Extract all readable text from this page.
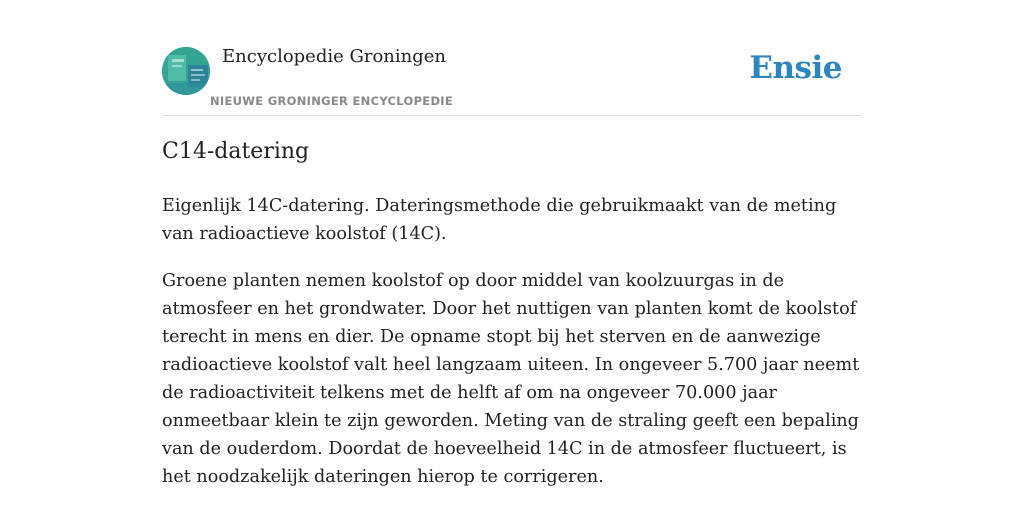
Encyclopedie Groningen
NIEUWE GRONINGER ENCYCLOPEDIE
Ensie
C14-datering

Eigenlijk 14C-datering. Dateringsmethode die gebruikmaakt van de meting van radioactieve koolstof (14C).

Groene planten nemen koolstof op door middel van koolzuurgas in de atmosfeer en het grondwater. Door het nuttigen van planten komt de koolstof terecht in mens en dier. De opname stopt bij het sterven en de aanwezige radioactieve koolstof valt heel langzaam uiteen. In ongeveer 5.700 jaar neemt de radioactiviteit telkens met de helft af om na ongeveer 70.000 jaar onmeetbaar klein te zijn geworden. Meting van de straling geeft een bepaling van de ouderdom. Doordat de hoeveelheid 14C in de atmosfeer fluctueert, is het noodzakelijk dateringen hierop te corrigeren.
